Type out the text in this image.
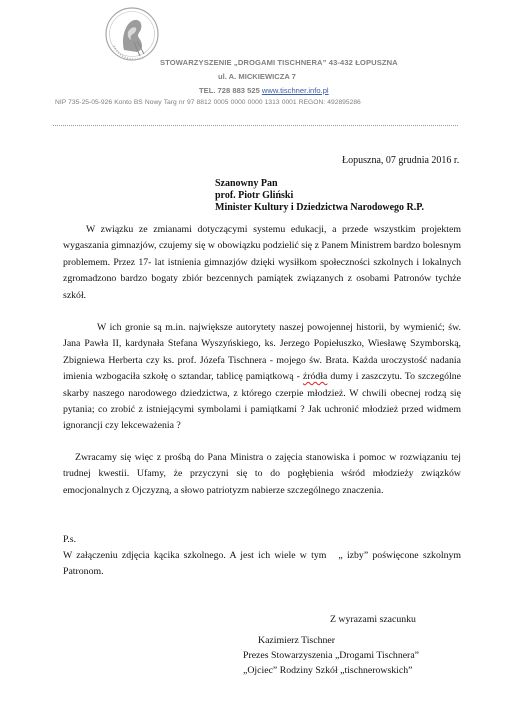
STOWARZYSZENIE „DROGAMI TISCHNERA” 43-432 ŁOPUSZNA
ul. A. MICKIEWICZA 7
TEL. 728 883 525 www.tischner.info.pl
NIP 735-25-05-926 Konto BS Nowy Targ nr 97 8812 0005 0000 0000 1313 0001 REGON: 492895286
Łopuszna, 07 grudnia 2016 r.
Szanowny Pan
prof. Piotr Gliński
Minister Kultury i Dziedzictwa Narodowego R.P.
W związku ze zmianami dotyczącymi systemu edukacji, a przede wszystkim projektem wygaszania gimnazjów, czujemy się w obowiązku podzielić się z Panem Ministrem bardzo bolesnym problemem. Przez 17- lat istnienia gimnazjów dzięki wysiłkom społeczności szkolnych i lokalnych zgromadzono bardzo bogaty zbiór bezcennych pamiątek związanych z osobami Patronów tychże szkół.
W ich gronie są m.in. największe autorytety naszej powojennej historii, by wymienić; św. Jana Pawła II, kardynała Stefana Wyszyńskiego, ks. Jerzego Popiełuszko, Wiesławę Szymborską, Zbigniewa Herberta czy ks. prof. Józefa Tischnera - mojego św. Brata. Każda uroczystość nadania imienia wzbogaciła szkołę o sztandar, tablicę pamiątkową - źródła dumy i zaszczytu. To szczególne skarby naszego narodowego dziedzictwa, z którego czerpie młodzież. W chwili obecnej rodzą się pytania; co zrobić z istniejącymi symbolami i pamiątkami ? Jak uchronić młodzież przed widmem ignorancji czy lekceważenia ?
Zwracamy się więc z prośbą do Pana Ministra o zajęcia stanowiska i pomoc w rozwiązaniu tej trudnej kwestii. Ufamy, że przyczyni się to do pogłębienia wśród młodzieży związków emocjonalnych z Ojczyzną, a słowo patriotyzm nabierze szczególnego znaczenia.
P.s.
W załączeniu zdjęcia kącika szkolnego. A jest ich wiele w tym „ izby” poświęcone szkolnym Patronom.
Z wyrazami szacunku
Kazimierz Tischner
Prezes Stowarzyszenia „Drogami Tischnera”
„Ojciec” Rodziny Szkół „tischnerowskich”
